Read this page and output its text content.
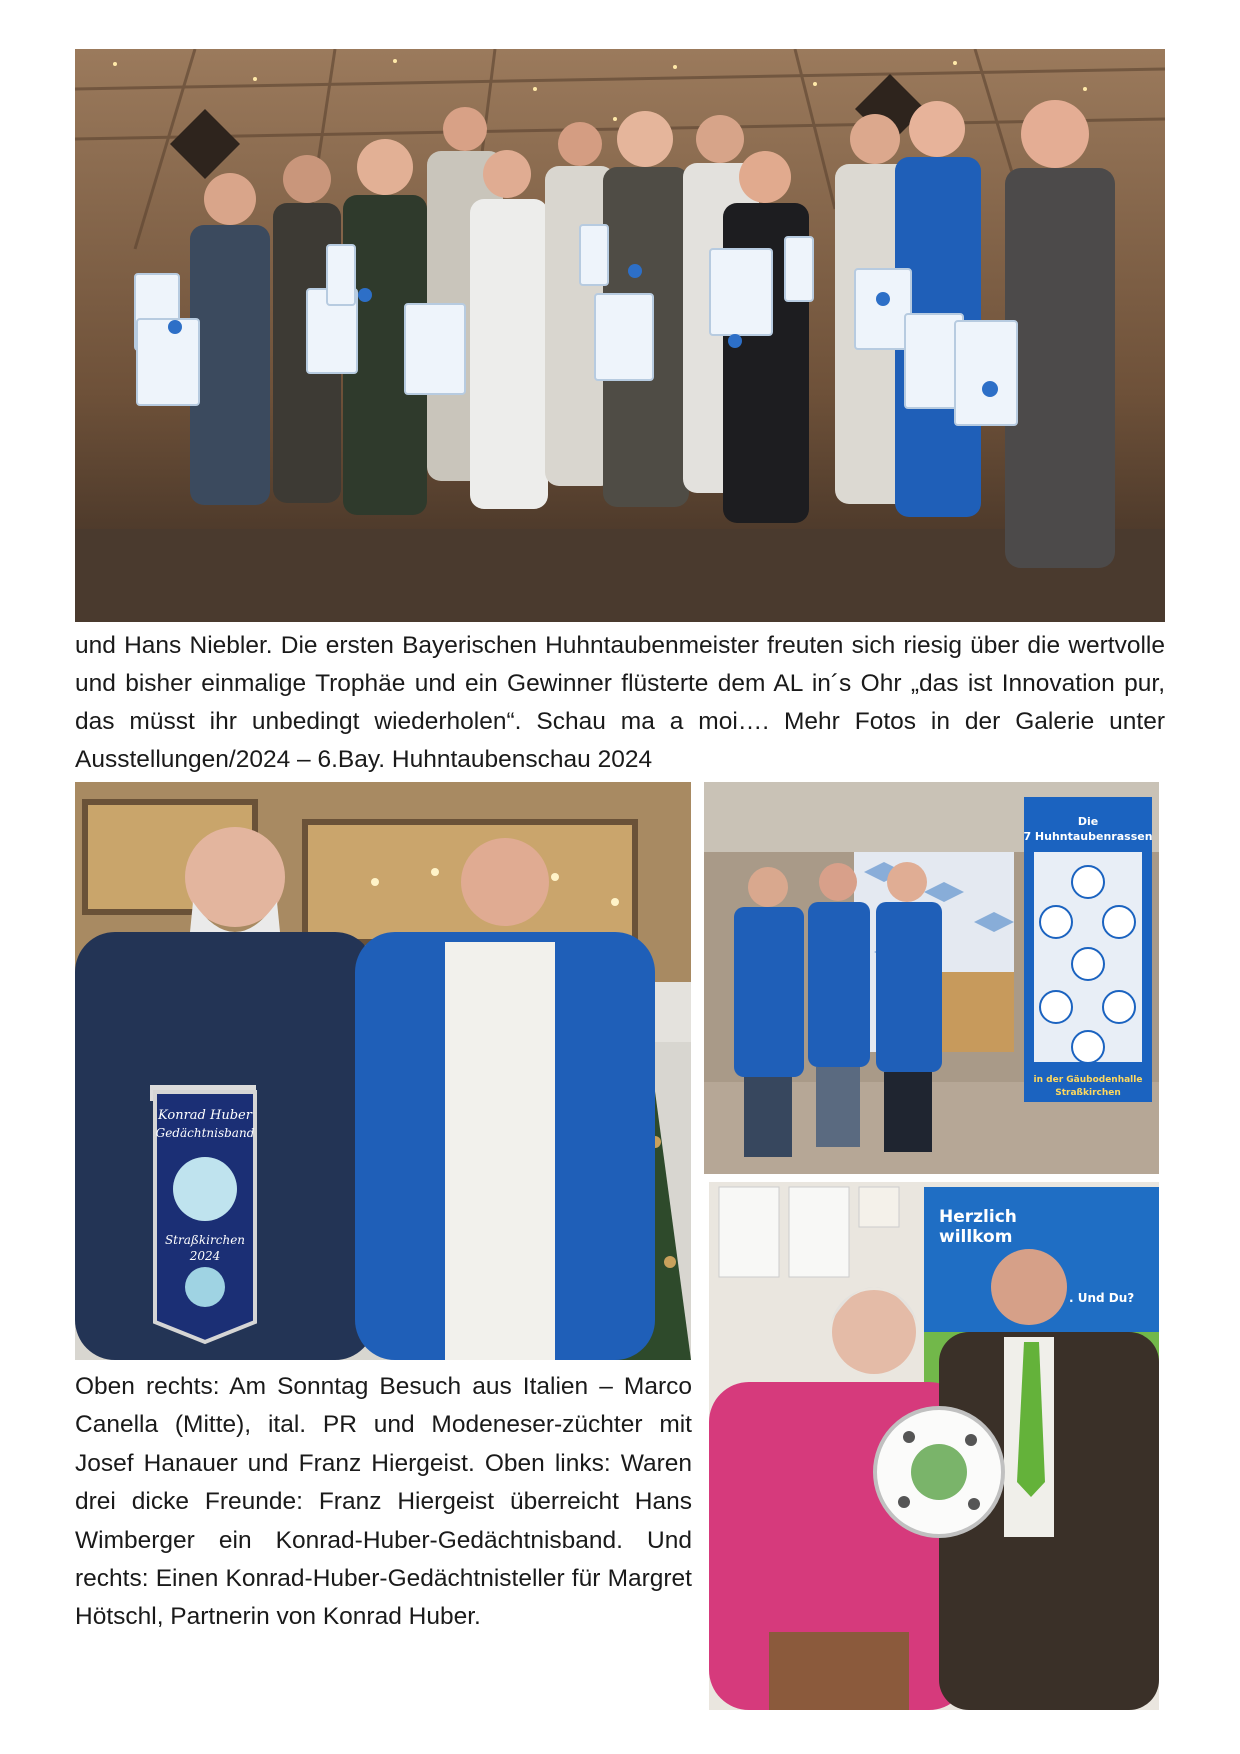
und Hans Niebler. Die ersten Bayerischen Huhntaubenmeister freuten sich riesig über die wertvolle und bisher einmalige Trophäe und ein Gewinner flüsterte dem AL in´s Ohr „das ist Innovation pur, das müsst ihr unbedingt wiederholen“. Schau ma a moi…. Mehr Fotos in der Galerie unter Ausstellungen/2024 – 6.Bay. Huhntaubenschau 2024

Konrad Huber
Gedächtnisband
Straßkirchen
2024
Die
7 Huhntaubenrassen
in der Gäubodenhalle
Straßkirchen
Herzlich
willkom
. Und Du?

Oben rechts: Am Sonntag Besuch aus Italien – Marco Canella (Mitte), ital. PR und Modeneser-züchter mit Josef Hanauer und Franz Hiergeist. Oben links: Waren drei dicke Freunde: Franz Hiergeist überreicht Hans Wimberger ein Konrad-Huber-Gedächtnisband. Und rechts: Einen Konrad-Huber-Gedächtnisteller für Margret Hötschl, Partnerin von Konrad Huber.
